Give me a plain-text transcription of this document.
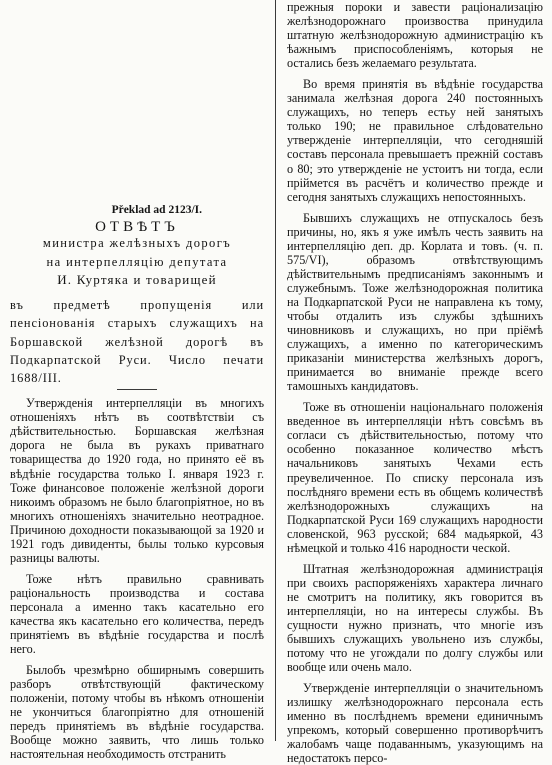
Překlad ad 2123/I.
ОТВѢТЪ
министра желѣзныхъ дорогъ
на интерпелляцію депутата
И. Куртяка и товарищей
въ предметѣ пропущенія или пенсіонованія старыхъ служащихъ на Боршавской желѣзной дорогѣ въ Подкарпатской Руси. Число печати 1688/III.

Утвержденія интерпелляціи въ многихъ отношеніяхъ нѣтъ въ соотвѣтствіи съ дѣйствительностью. Боршавская желѣзная дорога не была въ рукахъ приватнаго товарищества до 1920 года, но принято её въ вѣдѣніе государства только I. января 1923 г. Тоже финансовое положеніе желѣзной дороги никоимъ образомъ не было благопріятное, но въ многихъ отношеніяхъ значительно неотрадное. Причиною доходности показывающой за 1920 и 1921 годъ дивиденты, былы только курсовыя разницы валюты.

Тоже нѣтъ правильно сравнивать раціональность производства и состава персонала а именно такъ касательно его качества якъ касательно его количества, передъ принятіемъ въ вѣдѣніе государства и послѣ него.

Былобъ чрезмѣрно обширнымъ совершить разборъ отвѣтствующій фактическому положеніи, потому чтобы въ нѣкомъ отношеніи не укончиться благопріятно для отношеній передъ принятіемъ въ вѣдѣніе государства. Вообще можно заявить, что лишь только настоятельная необходимость отстранить

прежныя пороки и завести раціонализацію желѣзнодорожнаго произвоства принудила штатную желѣзнодорожную администрацію къ ѣажнымъ приспособленіямъ, которыя не остались безъ желаемаго результата.

Во время принятія въ вѣдѣніе государства занимала желѣзная дорога 240 постоянныхъ служащихъ, но теперъ естьу ней занятыхъ только 190; не правильное слѣдовательно утвержденіе интерпелляціи, что сегодняшій составъ персонала превышаетъ прежній составъ о 80; это утвержденіе не устоитъ ни тогда, если пріймется въ расчётъ и количество прежде и сегодня занятыхъ служащихъ непостоянныхъ.

Бывшихъ служащихъ не отпускалось безъ причины, но, якъ я уже имѣлъ честь заявить на интерпелляцію деп. др. Корлата и товъ. (ч. п. 575/VI), образомъ отвѣтствующимъ дѣйствительнымъ предписаніямъ законнымъ и служебнымъ. Тоже желѣзнодорожная политика на Подкарпатской Руси не направлена къ тому, чтобы отдалить изъ службы здѣшнихъ чиновниковъ и служащихъ, но при пріёмѣ служащихъ, а именно по категорическимъ приказаніи министерства желѣзныхъ дорогъ, принимается во вниманіе прежде всего тамошныхъ кандидатовъ.

Тоже въ отношеніи національнаго положенія введенное въ интерпелляціи нѣтъ совсѣмъ въ согласи съ дѣйствительностью, потому что особенно показанное количество мѣстъ начальниковъ занятыхъ Чехами есть преувеличенное. По списку персонала изъ послѣдняго времени есть въ общемъ количествѣ желѣзнодорожныхъ служащихъ на Подкарпатской Руси 169 служащихъ народности словенской, 963 русской; 684 мадьяркой, 43 нѣмецкой и только 416 народности ческой.

Штатная желѣзнодорожная администрація при своихъ распоряженіяхъ характера личнаго не смотритъ на политику, якъ говорится въ интерпелляціи, но на интересы службы. Въ сущности нужно признать, что многіе изъ бывшихъ служащихъ увольнено изъ службы, потому что не угождали по долгу службы или вообще или очень мало.

Утвержденіе интерпелляціи о значительномъ излишку желѣзнодорожнаго персонала есть именно въ послѣднемъ времени единичнымъ упрекомъ, который совершенно противорѣчитъ жалобамъ чаще подаваннымъ, указующимъ на недостатокъ персо-
